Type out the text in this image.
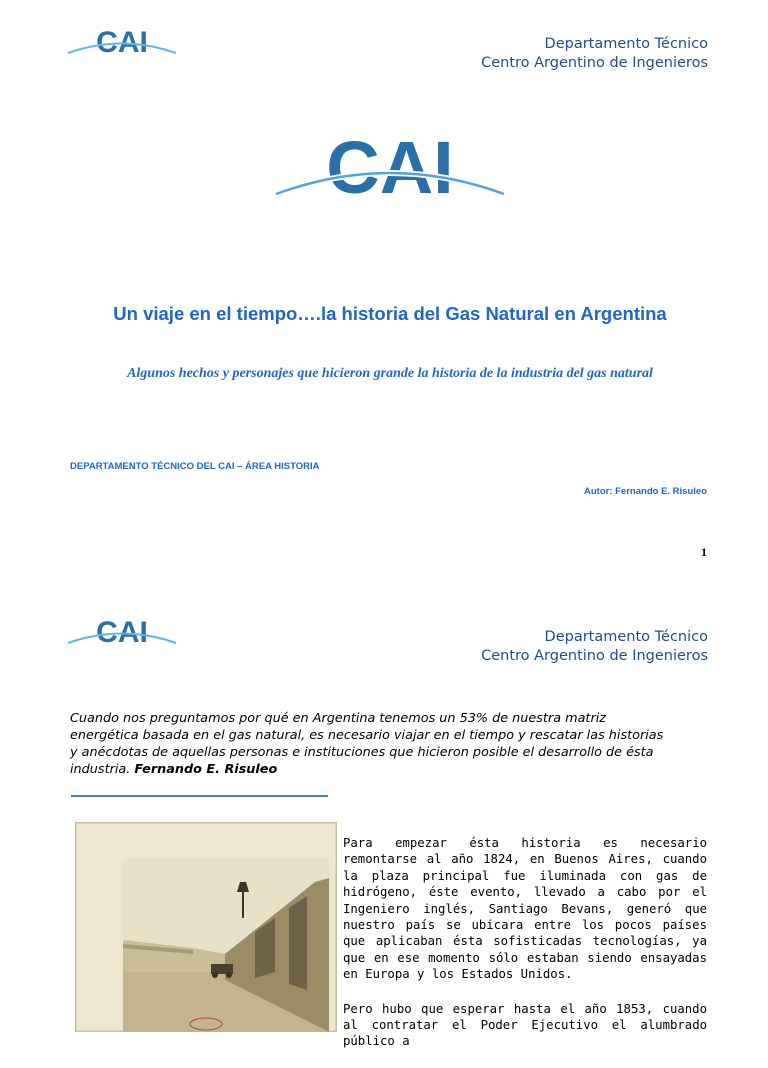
CAI	Departamento Técnico
Centro Argentino de Ingenieros
CAI
Un viaje en el tiempo….la historia del Gas Natural en Argentina
Algunos hechos y personajes que hicieron grande la historia de la industria del gas natural
DEPARTAMENTO TÉCNICO DEL CAI – ÁREA HISTORIA
Autor: Fernando E. Risuleo
1
CAI	Departamento Técnico
Centro Argentino de Ingenieros
Cuando nos preguntamos por qué en Argentina tenemos un 53% de nuestra matriz energética basada en el gas natural, es necesario viajar en el tiempo y rescatar las historias y anécdotas de aquellas personas e instituciones que hicieron posible el desarrollo de ésta industria. Fernando E. Risuleo

Para empezar ésta historia es necesario remontarse al año 1824, en Buenos Aires, cuando la plaza principal fue iluminada con gas de hidrógeno, éste evento, llevado a cabo por el Ingeniero inglés, Santiago Bevans, generó que nuestro país se ubicara entre los pocos países que aplicaban ésta sofisticadas tecnologías, ya que en ese momento sólo estaban siendo ensayadas en Europa y los Estados Unidos.

Pero hubo que esperar hasta el año 1853, cuando al contratar el Poder Ejecutivo el alumbrado público a
